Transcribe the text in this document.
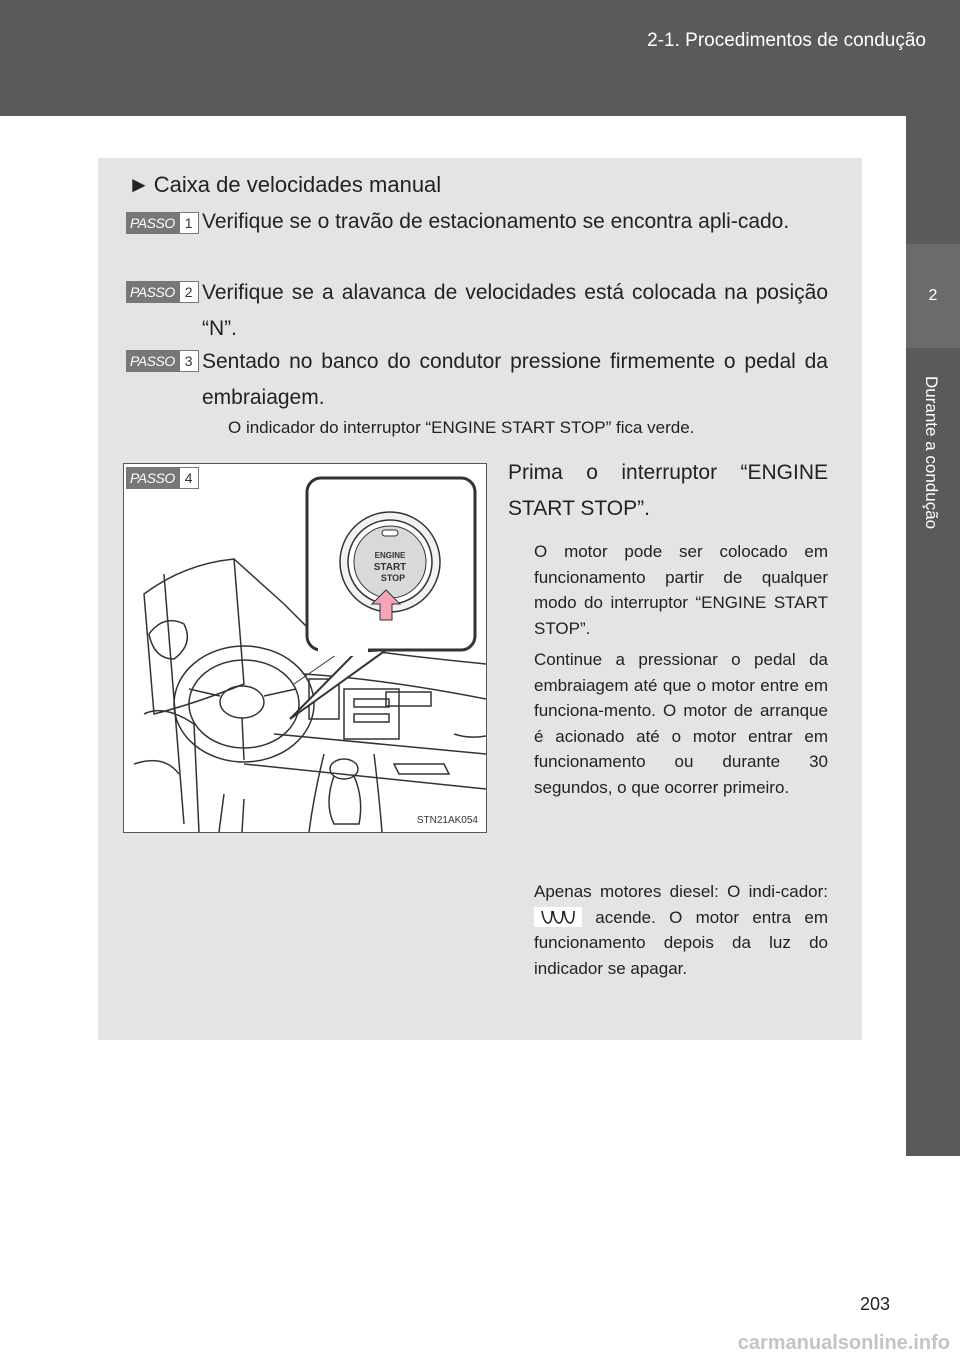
2-1. Procedimentos de condução
2
Durante a condução
► Caixa de velocidades manual
PASSO 1 Verifique se o travão de estacionamento se encontra apli-cado.
PASSO 2 Verifique se a alavanca de velocidades está colocada na posição “N”.
PASSO 3 Sentado no banco do condutor pressione firmemente o pedal da embraiagem.
O indicador do interruptor “ENGINE START STOP” fica verde.
ENGINE
START
STOP
STN21AK054
PASSO 4	Prima o interruptor “ENGINE START STOP”.
O motor pode ser colocado em funcionamento partir de qualquer modo do interruptor “ENGINE START STOP”.
Continue a pressionar o pedal da embraiagem até que o motor entre em funciona-mento. O motor de arranque é acionado até o motor entrar em funcionamento ou durante 30 segundos, o que ocorrer primeiro.
Apenas motores diesel: O indi-cador:  acende. O motor entra em funcionamento depois da luz do indicador se apagar.
203
carmanualsonline.info
